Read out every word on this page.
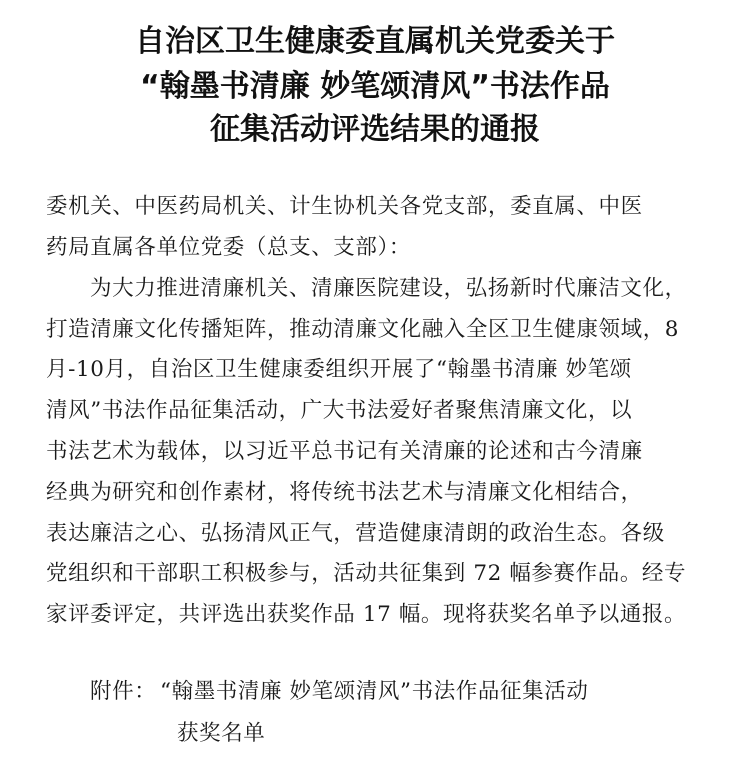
自治区卫生健康委直属机关党委关于
“翰墨书清廉 妙笔颂清风”书法作品
征集活动评选结果的通报
委机关、中医药局机关、计生协机关各党支部，委直属、中医
药局直属各单位党委（总支、支部）：
为大力推进清廉机关、清廉医院建设，弘扬新时代廉洁文化，
打造清廉文化传播矩阵，推动清廉文化融入全区卫生健康领域，8
月-10月，自治区卫生健康委组织开展了“翰墨书清廉 妙笔颂
清风”书法作品征集活动，广大书法爱好者聚焦清廉文化，以
书法艺术为载体，以习近平总书记有关清廉的论述和古今清廉
经典为研究和创作素材，将传统书法艺术与清廉文化相结合，
表达廉洁之心、弘扬清风正气，营造健康清朗的政治生态。各级
党组织和干部职工积极参与，活动共征集到 72 幅参赛作品。经专
家评委评定，共评选出获奖作品 17 幅。现将获奖名单予以通报。
附件： “翰墨书清廉 妙笔颂清风”书法作品征集活动
获奖名单
